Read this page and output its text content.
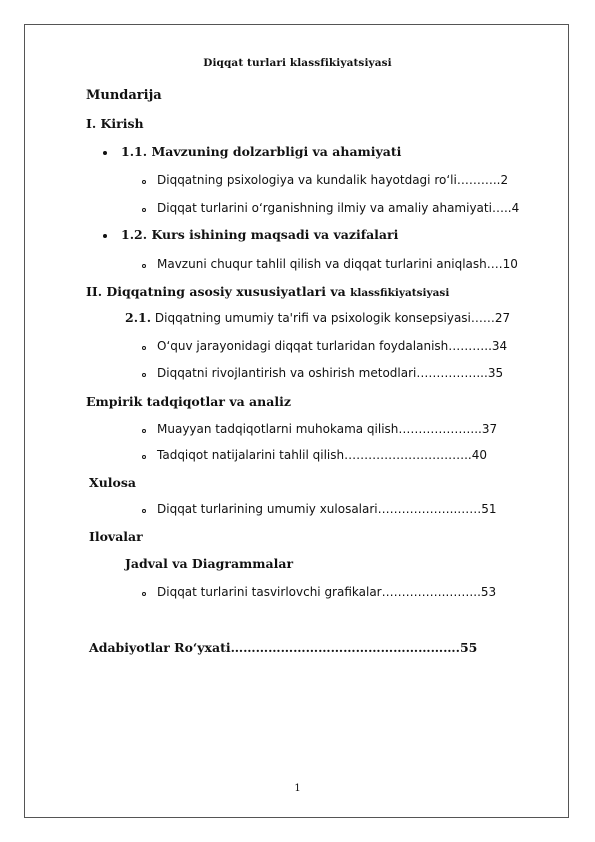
Diqqat turlari klassfikiyatsiyasi
Mundarija
I. Kirish
1.1. Mavzuning dolzarbligi va ahamiyati
Diqqatning psixologiya va kundalik hayotdagi ro‘li………..2
Diqqat turlarini o‘rganishning ilmiy va amaliy ahamiyati…..4
1.2. Kurs ishining maqsadi va vazifalari
Mavzuni chuqur tahlil qilish va diqqat turlarini aniqlash….10
II. Diqqatning asosiy xususiyatlari va klassfikiyatsiyasi
2.1. Diqqatning umumiy ta'rifi va psixologik konsepsiyasi……27
O‘quv jarayonidagi diqqat turlaridan foydalanish………..34
Diqqatni rivojlantirish va oshirish metodlari……………...35
Empirik tadqiqotlar va analiz
Muayyan tadqiqotlarni muhokama qilish………………...37
Tadqiqot natijalarini tahlil qilish…………………………..40
Xulosa
Diqqat turlarining umumiy xulosalari………………..……51
Ilovalar
Jadval va Diagrammalar
Diqqat turlarini tasvirlovchi grafikalar…………….……...53
Adabiyotlar Ro‘yxati……………………………………………….55
1
